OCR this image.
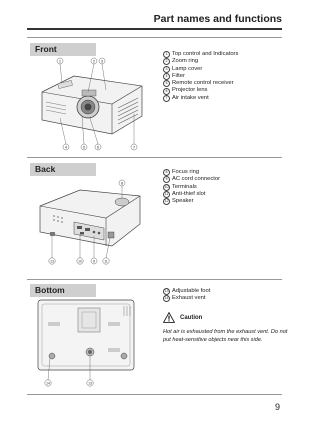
Part names and functions
Front
1	2 3
4	5	6	7
1 Top control and Indicators
2 Zoom ring
3 Lamp cover
4 Filter
5 Remote control receiver
6 Projector lens
7 Air intake vent
Back
8
13	10	9	11
8 Focus ring
9 AC cord connector
10 Terminals
11 Anti-thief slot
12 Speaker
Bottom
14	13
13 Adjustable foot
14 Exhaust vent
Caution
Hot air is exhausted from the exhaust vent. Do not put heat-sensitive objects near this side.
9
